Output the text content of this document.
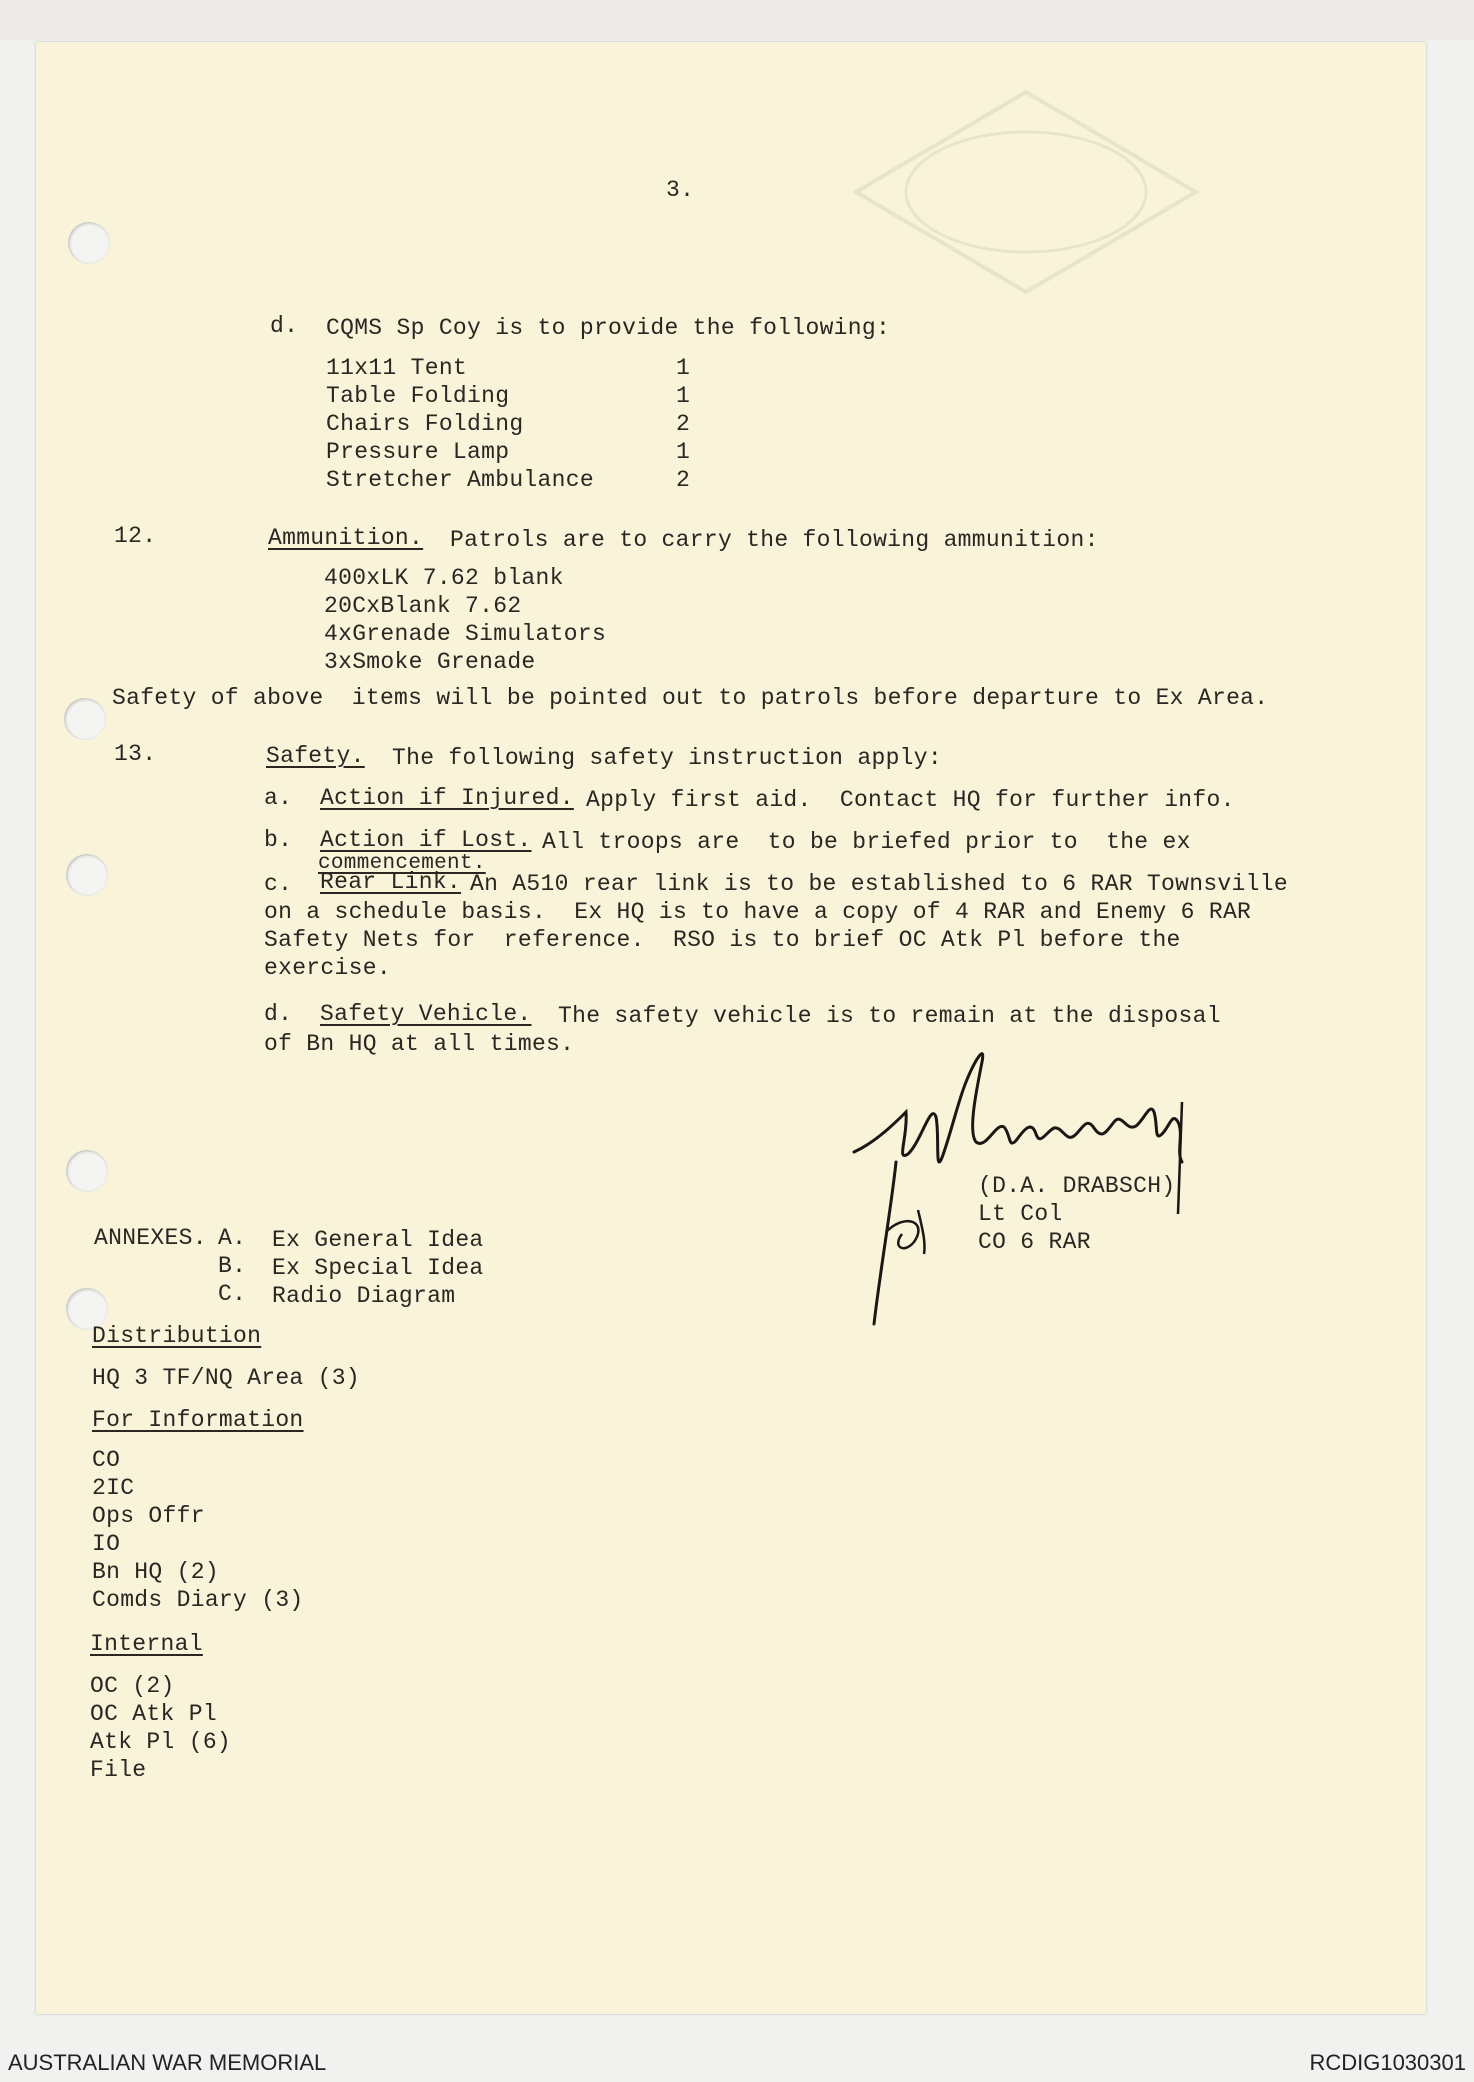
3.
d. CQMS Sp Coy is to provide the following:
11x11 Tent	1
Table Folding	1
Chairs Folding	2
Pressure Lamp	1
Stretcher Ambulance	2
12.	Ammunition. Patrols are to carry the following ammunition:
400xLK 7.62 blank
20CxBlank 7.62
4xGrenade Simulators
3xSmoke Grenade
Safety of above  items will be pointed out to patrols before departure to Ex Area.
13.	Safety. The following safety instruction apply:
a. Action if Injured. Apply first aid.  Contact HQ for further info.
b. Action if Lost. All troops are  to be briefed prior to  the ex
commencement.
c. Rear Link. An A510 rear link is to be established to 6 RAR Townsville
on a schedule basis.  Ex HQ is to have a copy of 4 RAR and Enemy 6 RAR
Safety Nets for  reference.  RSO is to brief OC Atk Pl before the
exercise.
d. Safety Vehicle. The safety vehicle is to remain at the disposal
of Bn HQ at all times.
(D.A. DRABSCH)
Lt Col
CO 6 RAR
ANNEXES. A. Ex General Idea
B. Ex Special Idea
C. Radio Diagram
Distribution
HQ 3 TF/NQ Area (3)
For Information
CO
2IC
Ops Offr
IO
Bn HQ (2)
Comds Diary (3)
Internal
OC (2)
OC Atk Pl
Atk Pl (6)
File
AUSTRALIAN WAR MEMORIAL	RCDIG1030301
